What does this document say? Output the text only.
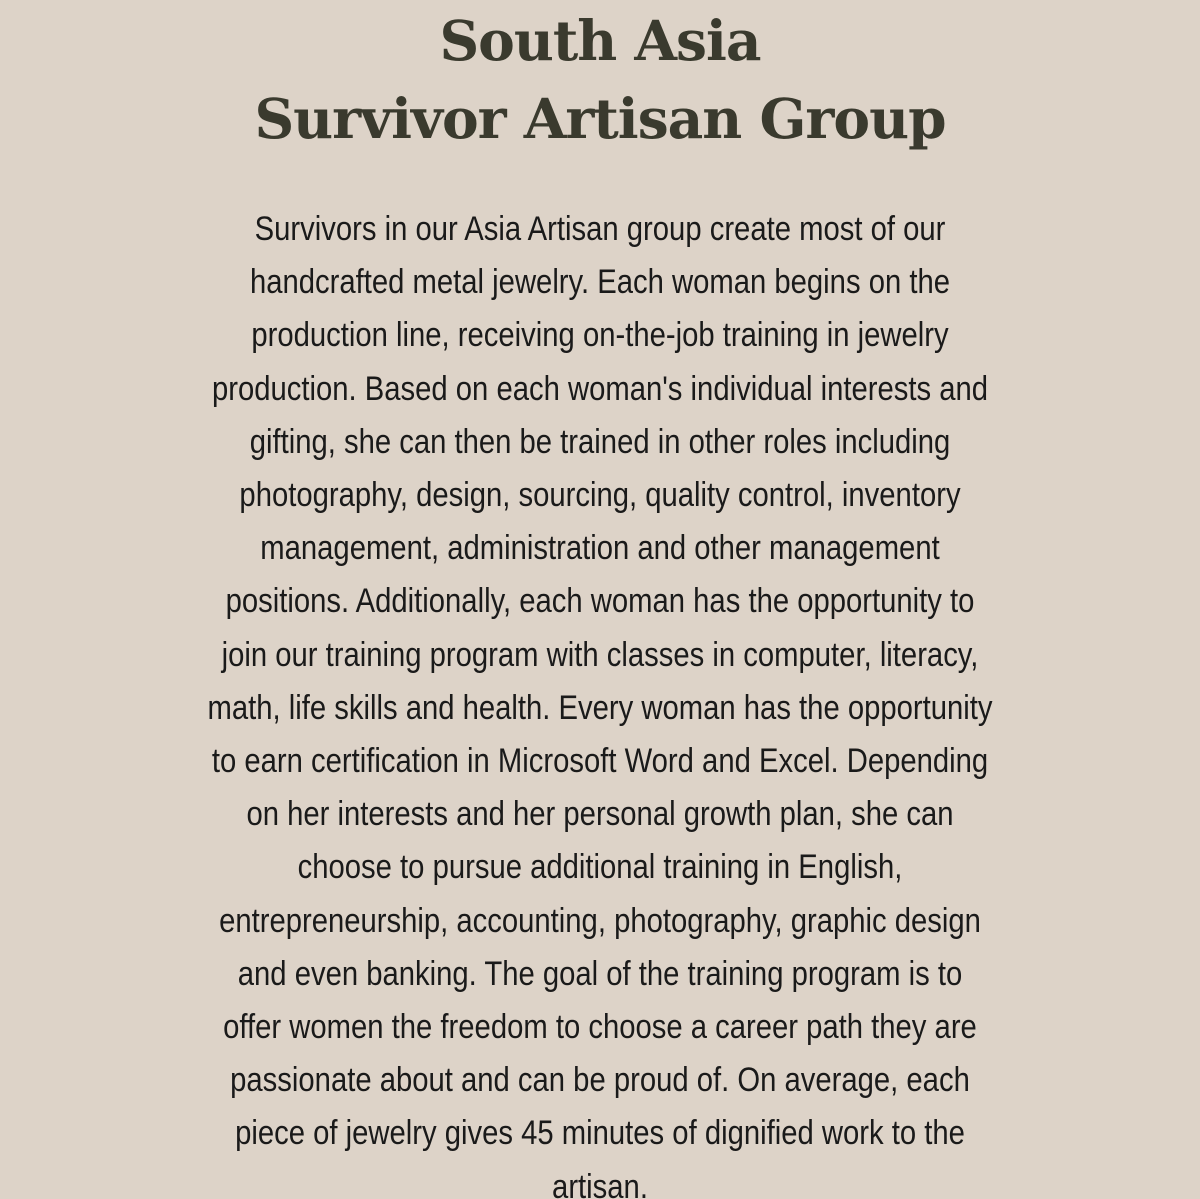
South Asia
Survivor Artisan Group
Survivors in our Asia Artisan group create most of our
handcrafted metal jewelry. Each woman begins on the
production line, receiving on-the-job training in jewelry
production. Based on each woman's individual interests and
gifting, she can then be trained in other roles including
photography, design, sourcing, quality control, inventory
management, administration and other management
positions. Additionally, each woman has the opportunity to
join our training program with classes in computer, literacy,
math, life skills and health. Every woman has the opportunity
to earn certification in Microsoft Word and Excel. Depending
on her interests and her personal growth plan, she can
choose to pursue additional training in English,
entrepreneurship, accounting, photography, graphic design
and even banking. The goal of the training program is to
offer women the freedom to choose a career path they are
passionate about and can be proud of. On average, each
piece of jewelry gives 45 minutes of dignified work to the
artisan.
